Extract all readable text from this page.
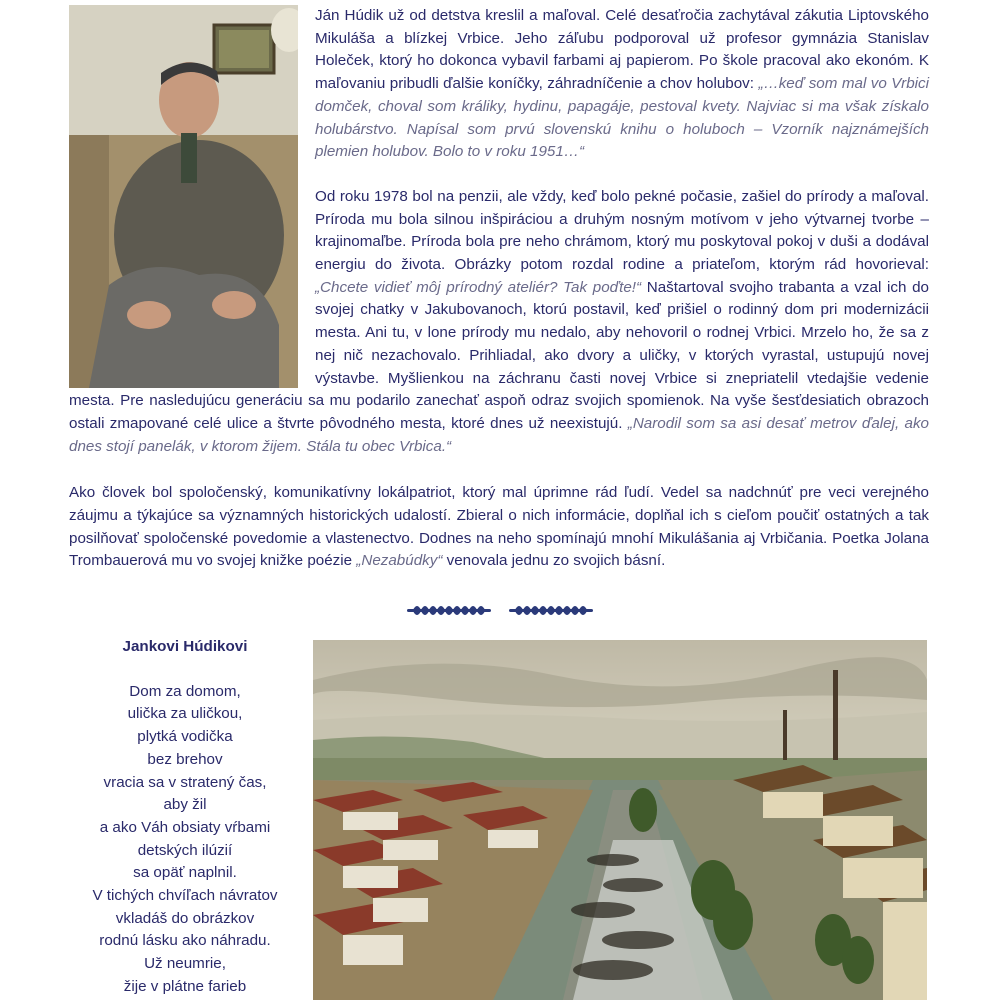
Ján Húdik už od detstva kreslil a maľoval. Celé desaťročia zachytával zákutia Liptovského Mikuláša a blízkej Vrbice. Jeho záľubu podporoval už profesor gymnázia Stanislav Holeček, ktorý ho dokonca vybavil farbami aj papierom. Po škole pracoval ako ekonóm. K maľovaniu pribudli ďalšie koníčky, záhradníčenie a chov holubov: „…keď som mal vo Vrbici domček, choval som králiky, hydinu, papagáje, pestoval kvety. Najviac si ma však získalo holubárstvo. Napísal som prvú slovenskú knihu o holuboch – Vzorník najznámejších plemien holubov. Bolo to v roku 1951…“

Od roku 1978 bol na penzii, ale vždy, keď bolo pekné počasie, zašiel do prírody a maľoval. Príroda mu bola silnou inšpiráciou a druhým nosným motívom v jeho výtvarnej tvorbe – krajinomaľbe. Príroda bola pre neho chrámom, ktorý mu poskytoval pokoj v duši a dodával energiu do života. Obrázky potom rozdal rodine a priateľom, ktorým rád hovorieval: „Chcete vidieť môj prírodný ateliér? Tak poďte!“ Naštartoval svojho trabanta a vzal ich do svojej chatky v Jakubovanoch, ktorú postavil, keď prišiel o rodinný dom pri modernizácii mesta. Ani tu, v lone prírody mu nedalo, aby nehovoril o rodnej Vrbici. Mrzelo ho, že sa z nej nič nezachovalo. Prihliadal, ako dvory a uličky, v ktorých vyrastal, ustupujú novej výstavbe. Myšlienkou na záchranu časti novej Vrbice si znepriatelil vtedajšie vedenie mesta. Pre nasledujúcu generáciu sa mu podarilo zanechať aspoň odraz svojich spomienok. Na vyše šesťdesiatich obrazoch ostali zmapované celé ulice a štvrte pôvodného mesta, ktoré dnes už neexistujú. „Narodil som sa asi desať metrov ďalej, ako dnes stojí panelák, v ktorom žijem. Stála tu obec Vrbica.“

Ako človek bol spoločenský, komunikatívny lokálpatriot, ktorý mal úprimne rád ľudí. Vedel sa nadchnúť pre veci verejného záujmu a týkajúce sa významných historických udalostí. Zbieral o nich informácie, doplňal ich s cieľom poučiť ostatných a tak posilňovať spoločenské povedomie a vlastenectvo. Dodnes na neho spomínajú mnohí Mikulášania aj Vrbičania. Poetka Jolana Trombauerová mu vo svojej knižke poézie „Nezabúdky“ venovala jednu zo svojich básní.

Jankovi Húdikovi
Dom za domom,
ulička za uličkou,
plytká vodička
bez brehov
vracia sa v stratený čas,
aby žil
a ako Váh obsiaty vŕbami
detských ilúzií
sa opäť naplnil.
V tichých chvíľach návratov
vkladáš do obrázkov
rodnú lásku ako náhradu.
Už neumrie,
žije v plátne farieb
